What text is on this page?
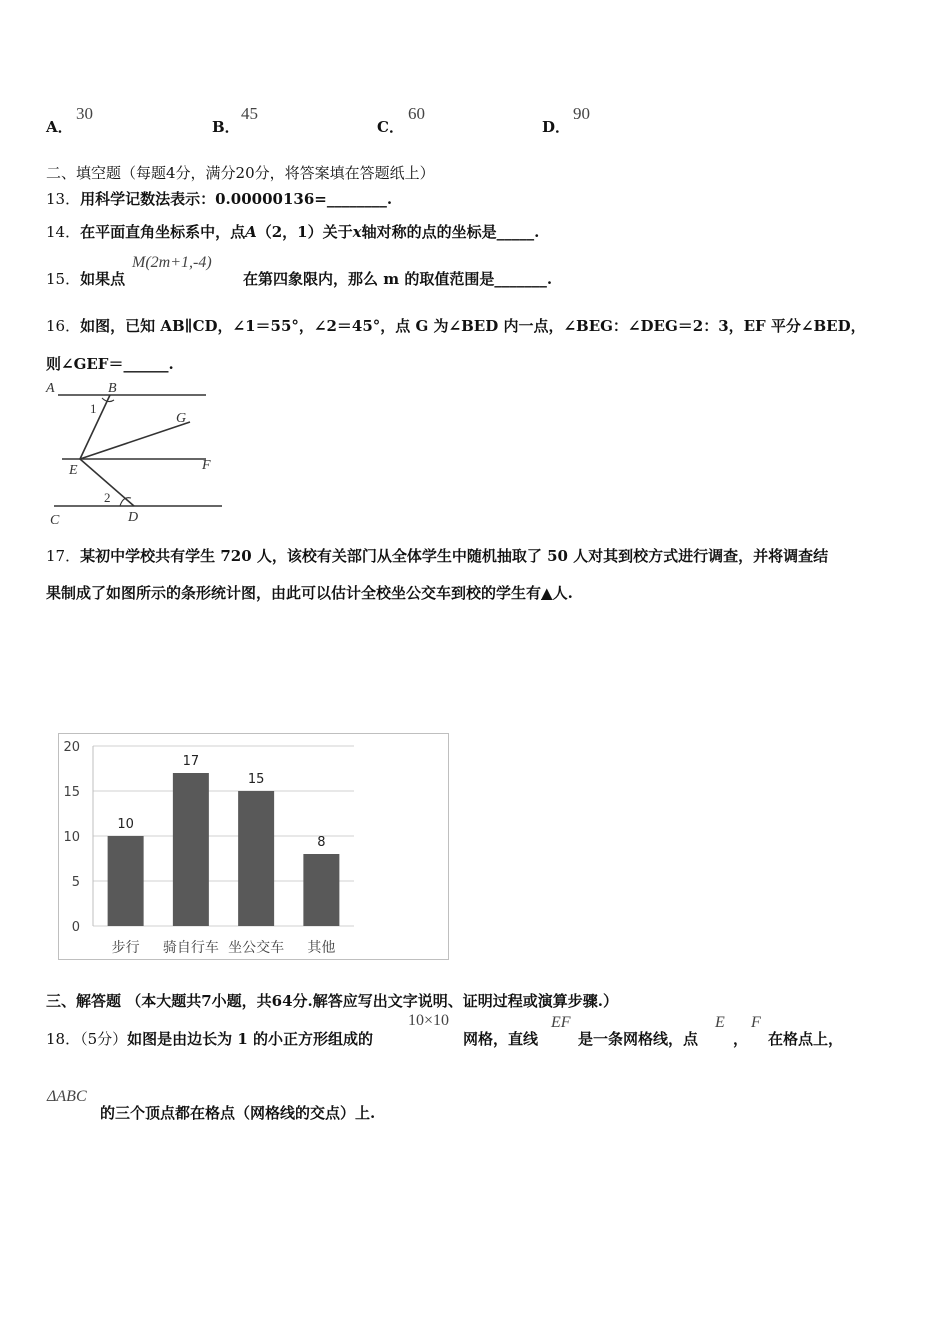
A．
30
B．
45
C．
60
D．
90
二、填空题（每题4分，满分20分，将答案填在答题纸上）
13．用科学记数法表示：0.00000136=________.
14．在平面直角坐标系中，点A（2，1）关于x轴对称的点的坐标是_____.
15．如果点
M(2m+1,-4)
在第四象限内，那么 m 的取值范围是_______.
16．如图，已知 AB∥CD，∠1＝55°，∠2＝45°，点 G 为∠BED 内一点，∠BEG：∠DEG＝2：3，EF 平分∠BED，
则∠GEF＝______.
A	B
1
G
E	F
2
C	D
17．某初中学校共有学生 720 人，该校有关部门从全体学生中随机抽取了 50 人对其到校方式进行调查，并将调查结
果制成了如图所示的条形统计图，由此可以估计全校坐公交车到校的学生有▲人.
0
5
10
15
20
10
17
15
8
步行 骑自行车 坐公交车 其他
三、解答题 （本大题共7小题，共64分.解答应写出文字说明、证明过程或演算步骤.）
18．（5分）如图是由边长为 1 的小正方形组成的
10×10
网格，直线
EF
是一条网格线，点
E
，
F
在格点上，
ΔABC
的三个顶点都在格点（网格线的交点）上.
